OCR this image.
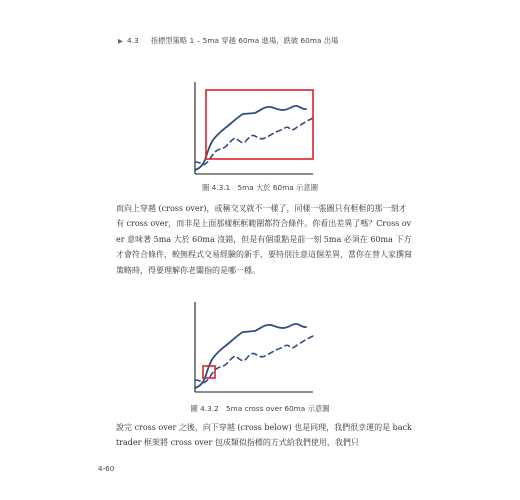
▶ 4.3 指標型策略 1 – 5ma 穿越 60ma 進場，跌破 60ma 出場
圖 4.3.1　5ma 大於 60ma 示意圖

而向上穿越 (cross over)，或稱交叉就不一樣了，同樣一張圖只有框框的那一刻才有 cross over，而非是上面那樣框框範圍都符合條件。你看出差異了嗎？Cross over 意味著 5ma 大於 60ma 沒錯，但是有個重點是前一刻 5ma 必須在 60ma 下方才會符合條件，較無程式交易經驗的新手，要特別注意這個差異，當你在替人家撰寫策略時，得要理解你老闆指的是哪一種。

圖 4.3.2　5ma cross over 60ma 示意圖

說完 cross over 之後，向下穿越 (cross below) 也是同理，我們很幸運的是 backtrader 框架將 cross over 包成類似指標的方式給我們使用，我們只

4-60
